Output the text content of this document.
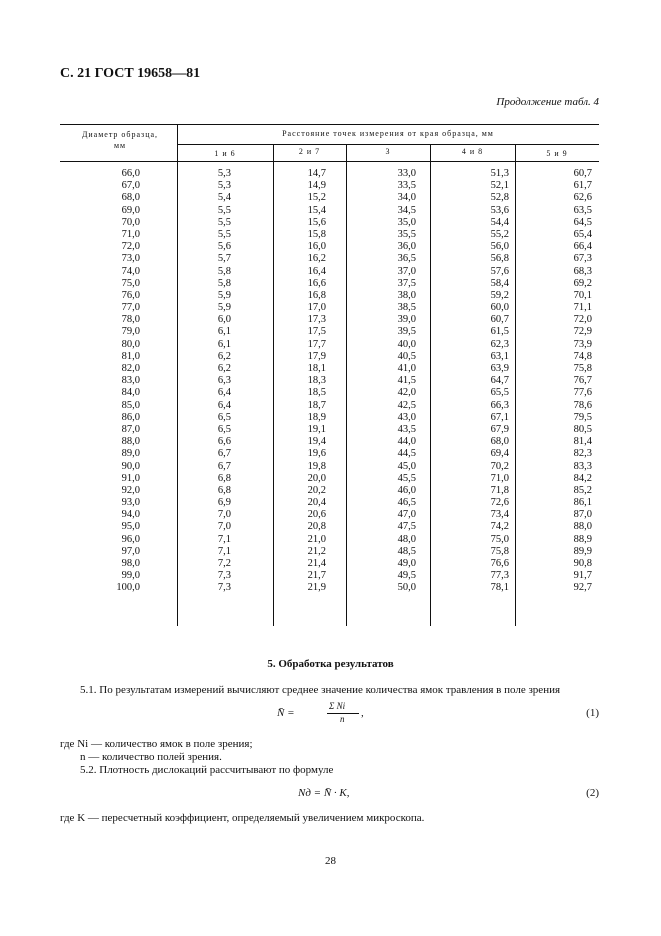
С. 21 ГОСТ 19658—81
Продолжение табл. 4
Диаметр образца, мм
Расстояние точек измерения от края образца, мм
1 и 6	2 и 7	3	4 и 8	5 и 9
66,0	5,3	14,7	33,0	51,3	60,7
67,0	5,3	14,9	33,5	52,1	61,7
68,0	5,4	15,2	34,0	52,8	62,6
69,0	5,5	15,4	34,5	53,6	63,5
70,0	5,5	15,6	35,0	54,4	64,5
71,0	5,5	15,8	35,5	55,2	65,4
72,0	5,6	16,0	36,0	56,0	66,4
73,0	5,7	16,2	36,5	56,8	67,3
74,0	5,8	16,4	37,0	57,6	68,3
75,0	5,8	16,6	37,5	58,4	69,2
76,0	5,9	16,8	38,0	59,2	70,1
77,0	5,9	17,0	38,5	60,0	71,1
78,0	6,0	17,3	39,0	60,7	72,0
79,0	6,1	17,5	39,5	61,5	72,9
80,0	6,1	17,7	40,0	62,3	73,9
81,0	6,2	17,9	40,5	63,1	74,8
82,0	6,2	18,1	41,0	63,9	75,8
83,0	6,3	18,3	41,5	64,7	76,7
84,0	6,4	18,5	42,0	65,5	77,6
85,0	6,4	18,7	42,5	66,3	78,6
86,0	6,5	18,9	43,0	67,1	79,5
87,0	6,5	19,1	43,5	67,9	80,5
88,0	6,6	19,4	44,0	68,0	81,4
89,0	6,7	19,6	44,5	69,4	82,3
90,0	6,7	19,8	45,0	70,2	83,3
91,0	6,8	20,0	45,5	71,0	84,2
92,0	6,8	20,2	46,0	71,8	85,2
93,0	6,9	20,4	46,5	72,6	86,1
94,0	7,0	20,6	47,0	73,4	87,0
95,0	7,0	20,8	47,5	74,2	88,0
96,0	7,1	21,0	48,0	75,0	88,9
97,0	7,1	21,2	48,5	75,8	89,9
98,0	7,2	21,4	49,0	76,6	90,8
99,0	7,3	21,7	49,5	77,3	91,7
100,0	7,3	21,9	50,0	78,1	92,7
5. Обработка результатов
5.1. По результатам измерений вычисляют среднее значение количества ямок травления в поле зрения
N̄ =
Σ Ni
n ,	(1)
где Ni — количество ямок в поле зрения;
n — количество полей зрения.
5.2. Плотность дислокаций рассчитывают по формуле
Nд = N̄ · K,	(2)
где K — пересчетный коэффициент, определяемый увеличением микроскопа.
28
